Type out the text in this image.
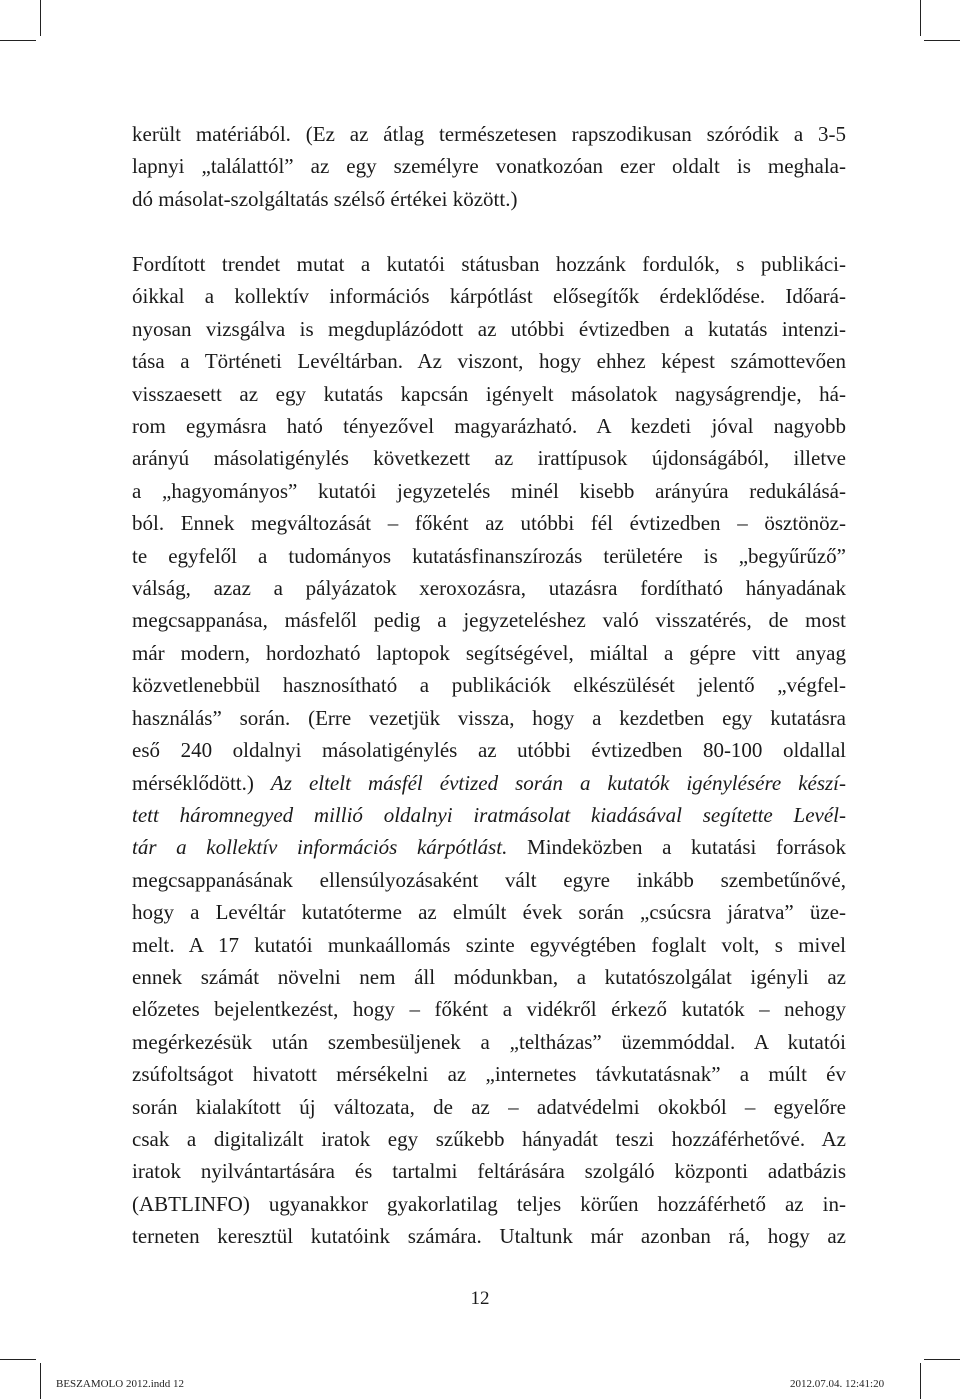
került matériából. (Ez az átlag természetesen rapszodikusan szóródik a 3-5
lapnyi „találattól” az egy személyre vonatkozóan ezer oldalt is meghala-
dó másolat-szolgáltatás szélső értékei között.)
Fordított trendet mutat a kutatói státusban hozzánk fordulók, s publikáci-
óikkal a kollektív információs kárpótlást elősegítők érdeklődése. Időará-
nyosan vizsgálva is megduplázódott az utóbbi évtizedben a kutatás intenzi-
tása a Történeti Levéltárban. Az viszont, hogy ehhez képest számottevően
visszaesett az egy kutatás kapcsán igényelt másolatok nagyságrendje, há-
rom egymásra ható tényezővel magyarázható. A kezdeti jóval nagyobb
arányú másolatigénylés következett az irattípusok újdonságából, illetve
a „hagyományos” kutatói jegyzetelés minél kisebb arányúra redukálásá-
ból. Ennek megváltozását – főként az utóbbi fél évtizedben – ösztönöz-
te egyfelől a tudományos kutatásfinanszírozás területére is „begyűrűző”
válság, azaz a pályázatok xeroxozásra, utazásra fordítható hányadának
megcsappanása, másfelől pedig a jegyzeteléshez való visszatérés, de most
már modern, hordozható laptopok segítségével, miáltal a gépre vitt anyag
közvetlenebbül hasznosítható a publikációk elkészülését jelentő „végfel-
használás” során. (Erre vezetjük vissza, hogy a kezdetben egy kutatásra
eső 240 oldalnyi másolatigénylés az utóbbi évtizedben 80-100 oldallal
mérséklődött.) Az eltelt másfél évtized során a kutatók igénylésére készí-
tett háromnegyed millió oldalnyi iratmásolat kiadásával segítette Levél-
tár a kollektív információs kárpótlást. Mindeközben a kutatási források
megcsappanásának ellensúlyozásaként vált egyre inkább szembetűnővé,
hogy a Levéltár kutatóterme az elmúlt évek során „csúcsra járatva” üze-
melt. A 17 kutatói munkaállomás szinte egyvégtében foglalt volt, s mivel
ennek számát növelni nem áll módunkban, a kutatószolgálat igényli az
előzetes bejelentkezést, hogy – főként a vidékről érkező kutatók – nehogy
megérkezésük után szembesüljenek a „teltházas” üzemmóddal. A kutatói
zsúfoltságot hivatott mérsékelni az „internetes távkutatásnak” a múlt év
során kialakított új változata, de az – adatvédelmi okokból – egyelőre
csak a digitalizált iratok egy szűkebb hányadát teszi hozzáférhetővé. Az
iratok nyilvántartására és tartalmi feltárására szolgáló központi adatbázis
(ABTLINFO) ugyanakkor gyakorlatilag teljes körűen hozzáférhető az in-
terneten keresztül kutatóink számára. Utaltunk már azonban rá, hogy az
12
BESZAMOLO 2012.indd 12	2012.07.04. 12:41:20
